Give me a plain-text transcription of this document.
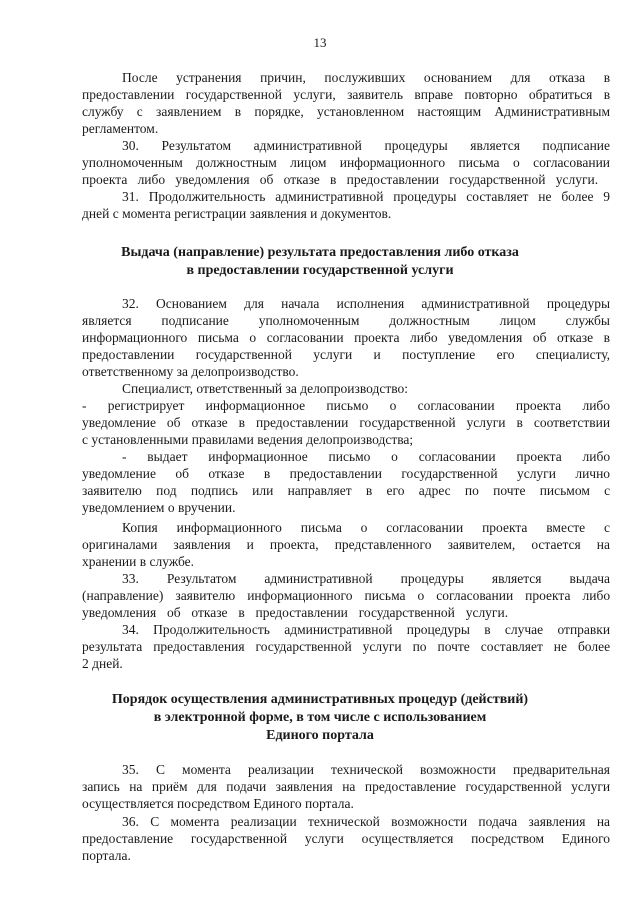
13
После устранения причин, послуживших основанием для отказа в
предоставлении государственной услуги, заявитель вправе повторно обратиться в
службу с заявлением в порядке, установленном настоящим Административным
регламентом.
30. Результатом административной процедуры является подписание
уполномоченным должностным лицом информационного письма о согласовании
проекта либо уведомления об отказе в предоставлении государственной услуги.
31. Продолжительность административной процедуры составляет не более 9
дней с момента регистрации заявления и документов.
Выдача (направление) результата предоставления либо отказа
в предоставлении государственной услуги
32. Основанием для начала исполнения административной процедуры
является подписание уполномоченным должностным лицом службы
информационного письма о согласовании проекта либо уведомления об отказе в
предоставлении государственной услуги и поступление его специалисту,
ответственному за делопроизводство.
Специалист, ответственный за делопроизводство:
- регистрирует информационное письмо о согласовании проекта либо
уведомление об отказе в предоставлении государственной услуги в соответствии
с установленными правилами ведения делопроизводства;
- выдает информационное письмо о согласовании проекта либо
уведомление об отказе в предоставлении государственной услуги лично
заявителю под подпись или направляет в его адрес по почте письмом с
уведомлением о вручении.
Копия информационного письма о согласовании проекта вместе с
оригиналами заявления и проекта, представленного заявителем, остается на
хранении в службе.
33. Результатом административной процедуры является выдача
(направление) заявителю информационного письма о согласовании проекта либо
уведомления об отказе в предоставлении государственной услуги.
34. Продолжительность административной процедуры в случае отправки
результата предоставления государственной услуги по почте составляет не более
2 дней.
Порядок осуществления административных процедур (действий)
в электронной форме, в том числе с использованием
Единого портала
35. С момента реализации технической возможности предварительная
запись на приём для подачи заявления на предоставление государственной услуги
осуществляется посредством Единого портала.
36. С момента реализации технической возможности подача заявления на
предоставление государственной услуги осуществляется посредством Единого
портала.
